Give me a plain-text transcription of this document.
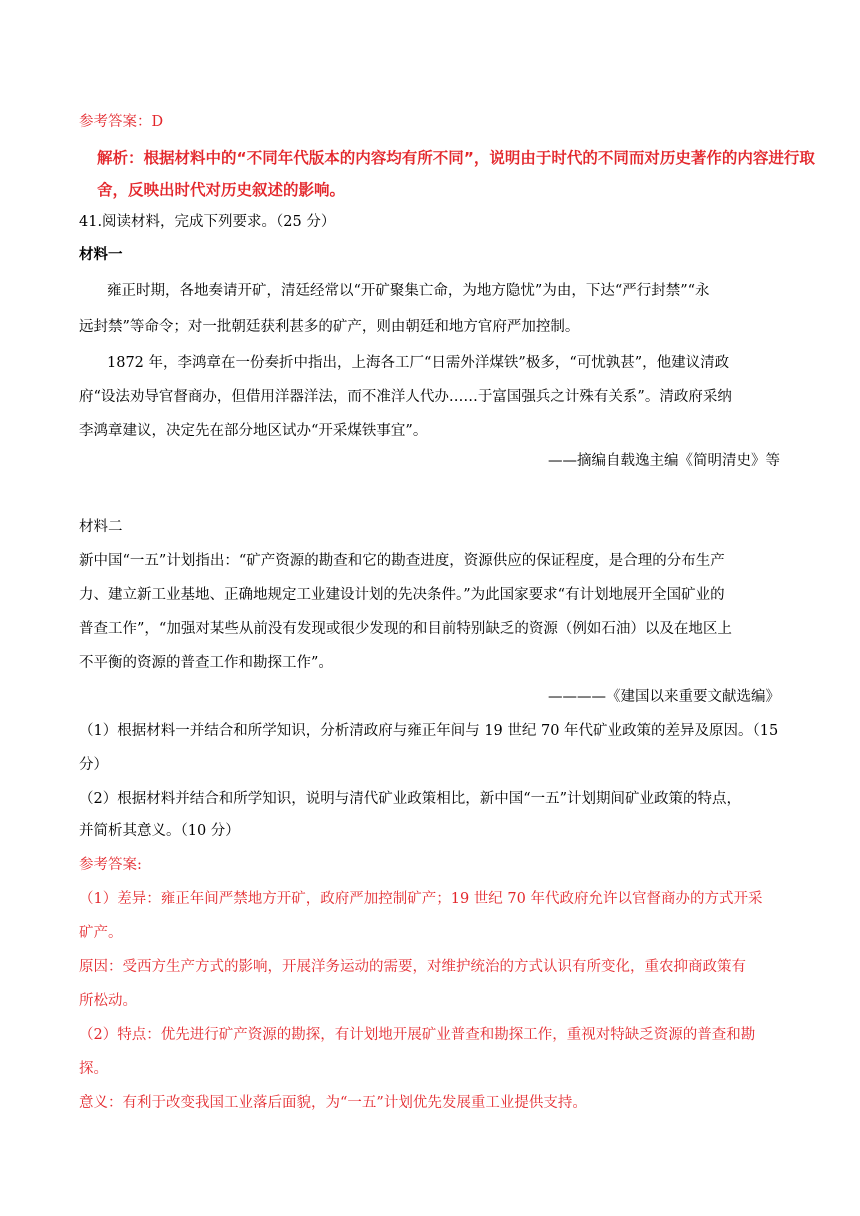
参考答案：D
解析：根据材料中的“不同年代版本的内容均有所不同”，说明由于时代的不同而对历史著作的内容进行取
舍，反映出时代对历史叙述的影响。
41.阅读材料，完成下列要求。（25 分）
材料一
雍正时期，各地奏请开矿，清廷经常以“开矿聚集亡命，为地方隐忧”为由，下达“严行封禁”“永
远封禁”等命令；对一批朝廷获利甚多的矿产，则由朝廷和地方官府严加控制。
1872 年，李鸿章在一份奏折中指出，上海各工厂“日需外洋煤铁”极多，“可忧孰甚”，他建议清政
府“设法劝导官督商办，但借用洋器洋法，而不准洋人代办……于富国强兵之计殊有关系”。清政府采纳
李鸿章建议，决定先在部分地区试办“开采煤铁事宜”。
——摘编自载逸主编《简明清史》等
材料二
新中国“一五”计划指出：“矿产资源的勘查和它的勘查进度，资源供应的保证程度，是合理的分布生产
力、建立新工业基地、正确地规定工业建设计划的先决条件。”为此国家要求“有计划地展开全国矿业的
普查工作”，“加强对某些从前没有发现或很少发现的和目前特别缺乏的资源（例如石油）以及在地区上
不平衡的资源的普查工作和勘探工作”。
————《建国以来重要文献选编》
（1）根据材料一并结合和所学知识，分析清政府与雍正年间与 19 世纪 70 年代矿业政策的差异及原因。（15
分）
（2）根据材料并结合和所学知识，说明与清代矿业政策相比，新中国“一五”计划期间矿业政策的特点，
并简析其意义。（10 分）
参考答案:
（1）差异：雍正年间严禁地方开矿，政府严加控制矿产；19 世纪 70 年代政府允许以官督商办的方式开采
矿产。
原因：受西方生产方式的影响，开展洋务运动的需要，对维护统治的方式认识有所变化，重农抑商政策有
所松动。
（2）特点：优先进行矿产资源的勘探，有计划地开展矿业普查和勘探工作，重视对特缺乏资源的普查和勘
探。
意义：有利于改变我国工业落后面貌，为“一五”计划优先发展重工业提供支持。
